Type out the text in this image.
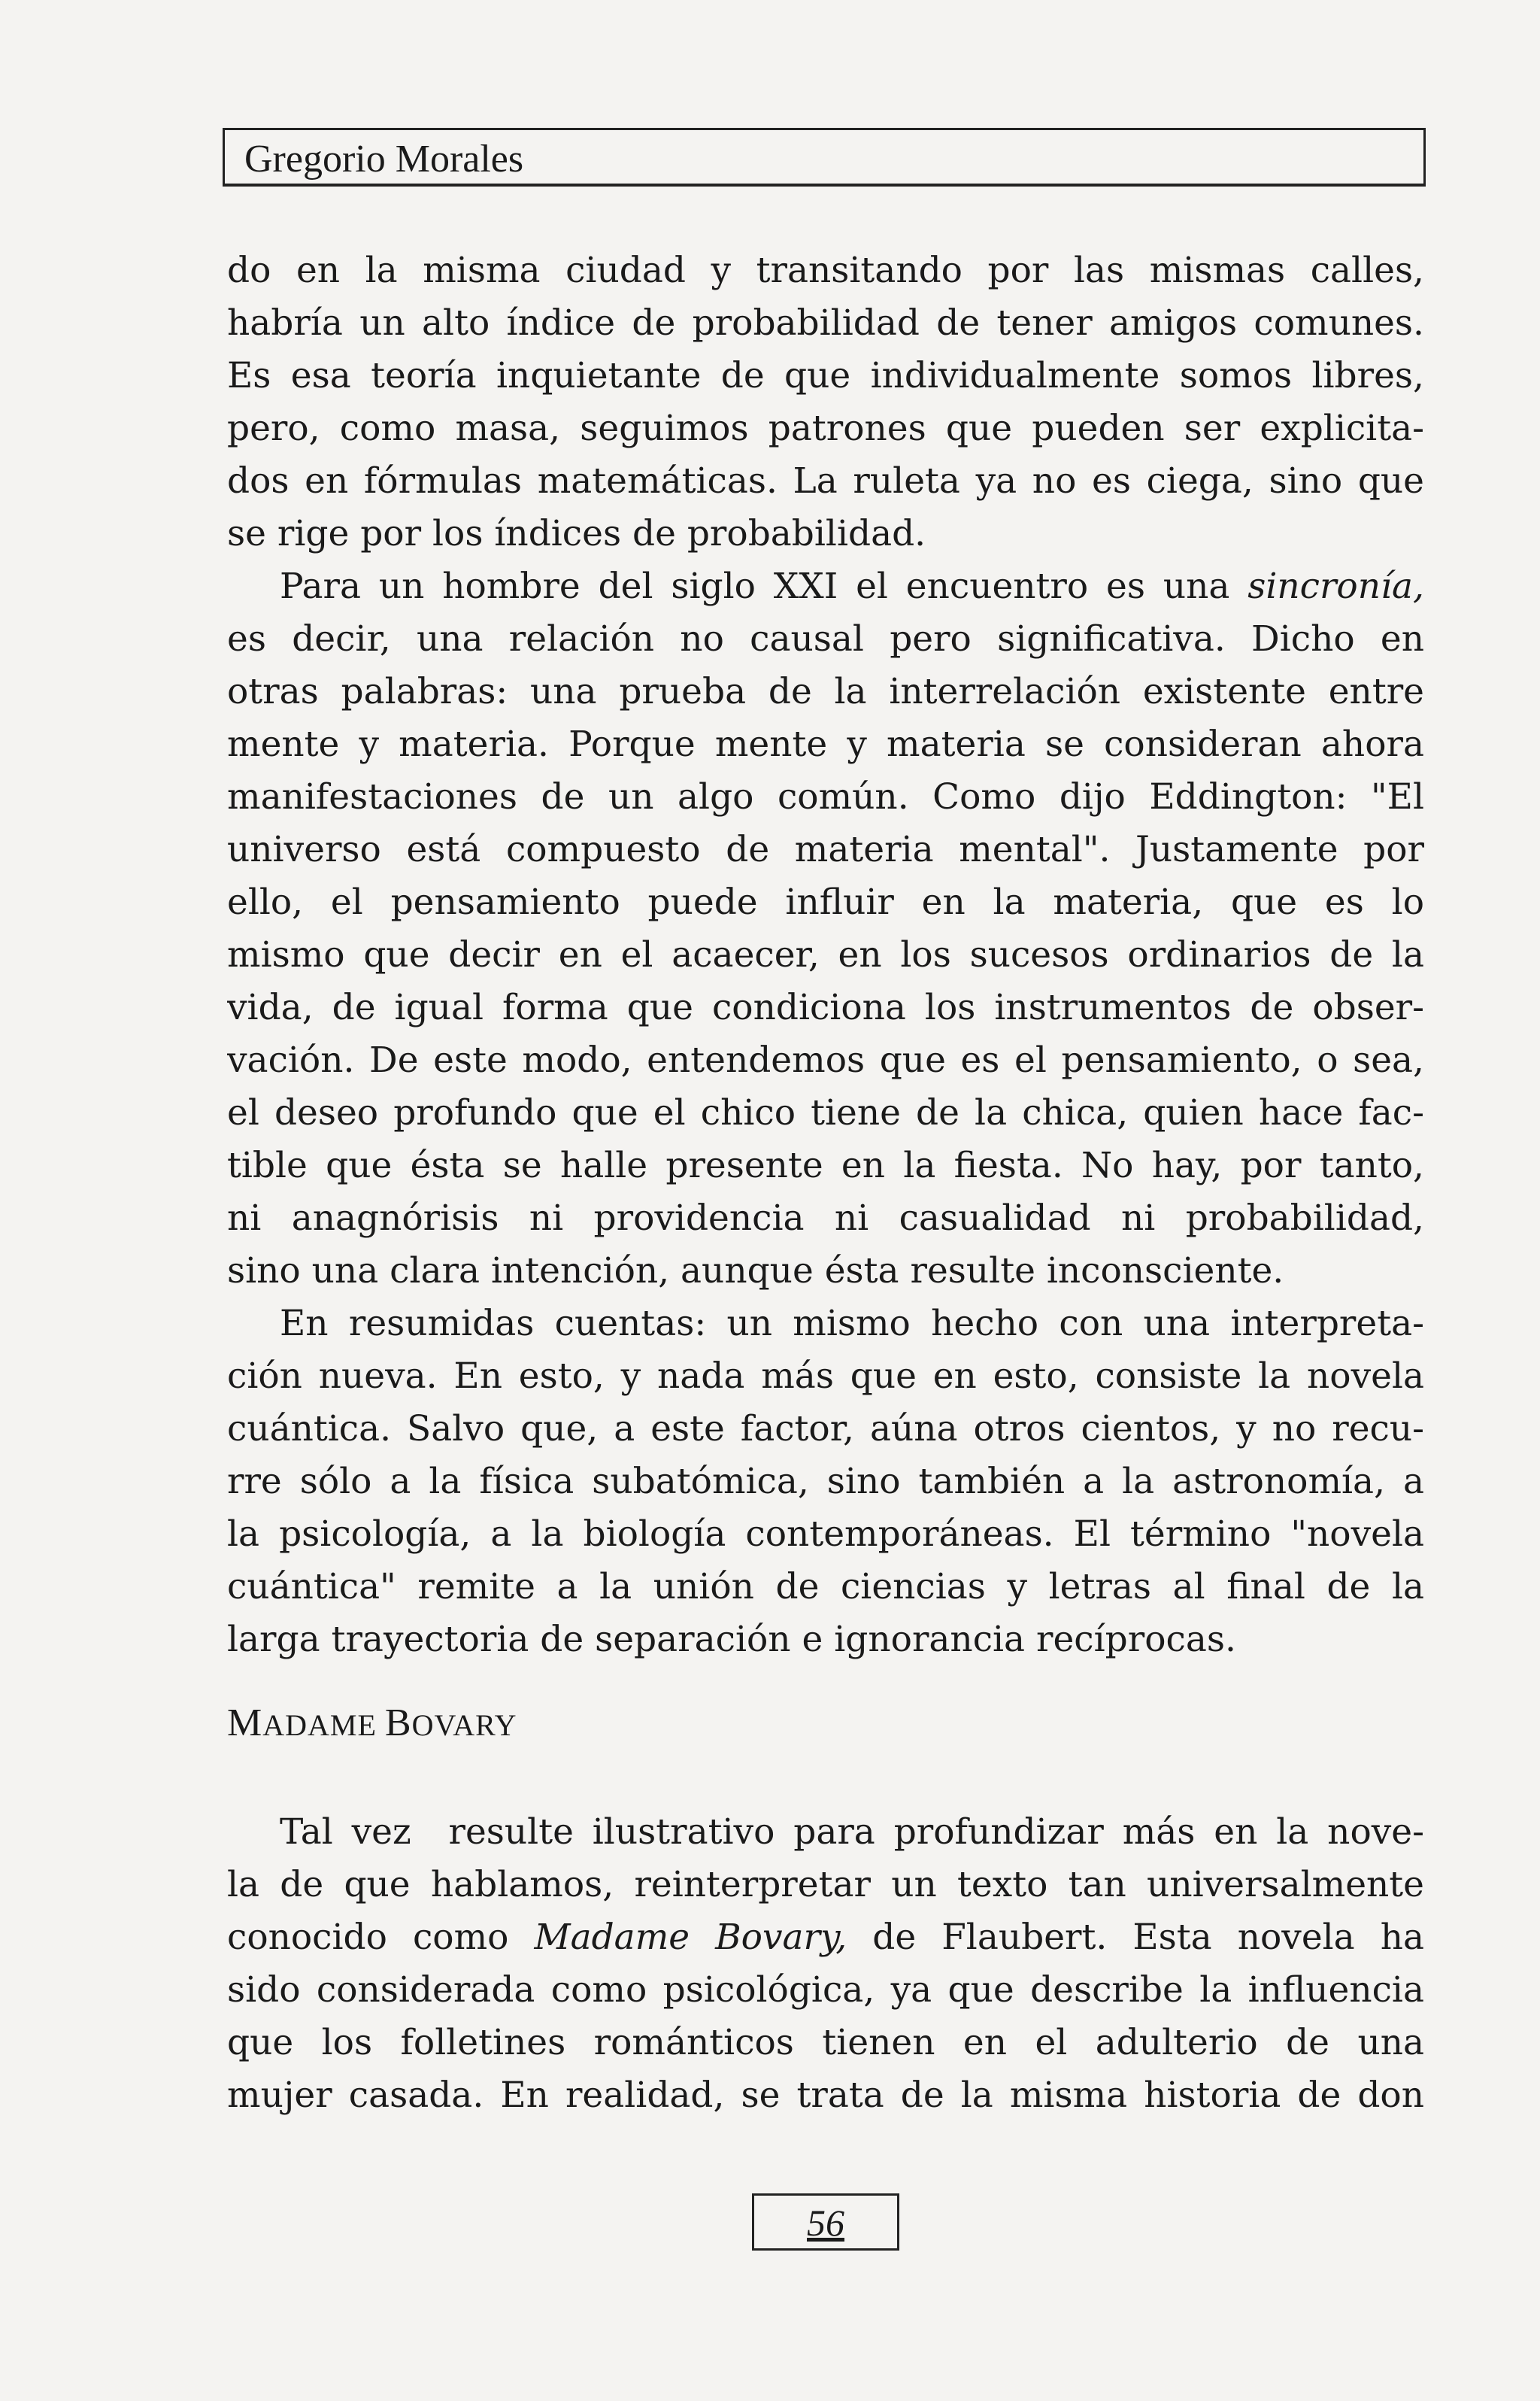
Gregorio Morales
do en la misma ciudad y transitando por las mismas calles,
habría un alto índice de probabilidad de tener amigos comunes.
Es esa teoría inquietante de que individualmente somos libres,
pero, como masa, seguimos patrones que pueden ser explicita-
dos en fórmulas matemáticas. La ruleta ya no es ciega, sino que
se rige por los índices de probabilidad.
Para un hombre del siglo XXI el encuentro es una sincronía,
es decir, una relación no causal pero significativa. Dicho en
otras palabras: una prueba de la interrelación existente entre
mente y materia. Porque mente y materia se consideran ahora
manifestaciones de un algo común. Como dijo Eddington: "El
universo está compuesto de materia mental". Justamente por
ello, el pensamiento puede influir en la materia, que es lo
mismo que decir en el acaecer, en los sucesos ordinarios de la
vida, de igual forma que condiciona los instrumentos de obser-
vación. De este modo, entendemos que es el pensamiento, o sea,
el deseo profundo que el chico tiene de la chica, quien hace fac-
tible que ésta se halle presente en la fiesta. No hay, por tanto,
ni anagnórisis ni providencia ni casualidad ni probabilidad,
sino una clara intención, aunque ésta resulte inconsciente.
En resumidas cuentas: un mismo hecho con una interpreta-
ción nueva. En esto, y nada más que en esto, consiste la novela
cuántica. Salvo que, a este factor, aúna otros cientos, y no recu-
rre sólo a la física subatómica, sino también a la astronomía, a
la psicología, a la biología contemporáneas. El término "novela
cuántica" remite a la unión de ciencias y letras al final de la
larga trayectoria de separación e ignorancia recíprocas.
MADAME BOVARY
Tal vez  resulte ilustrativo para profundizar más en la nove-
la de que hablamos, reinterpretar un texto tan universalmente
conocido como Madame Bovary, de Flaubert. Esta novela ha
sido considerada como psicológica, ya que describe la influencia
que los folletines románticos tienen en el adulterio de una
mujer casada. En realidad, se trata de la misma historia de don
56
